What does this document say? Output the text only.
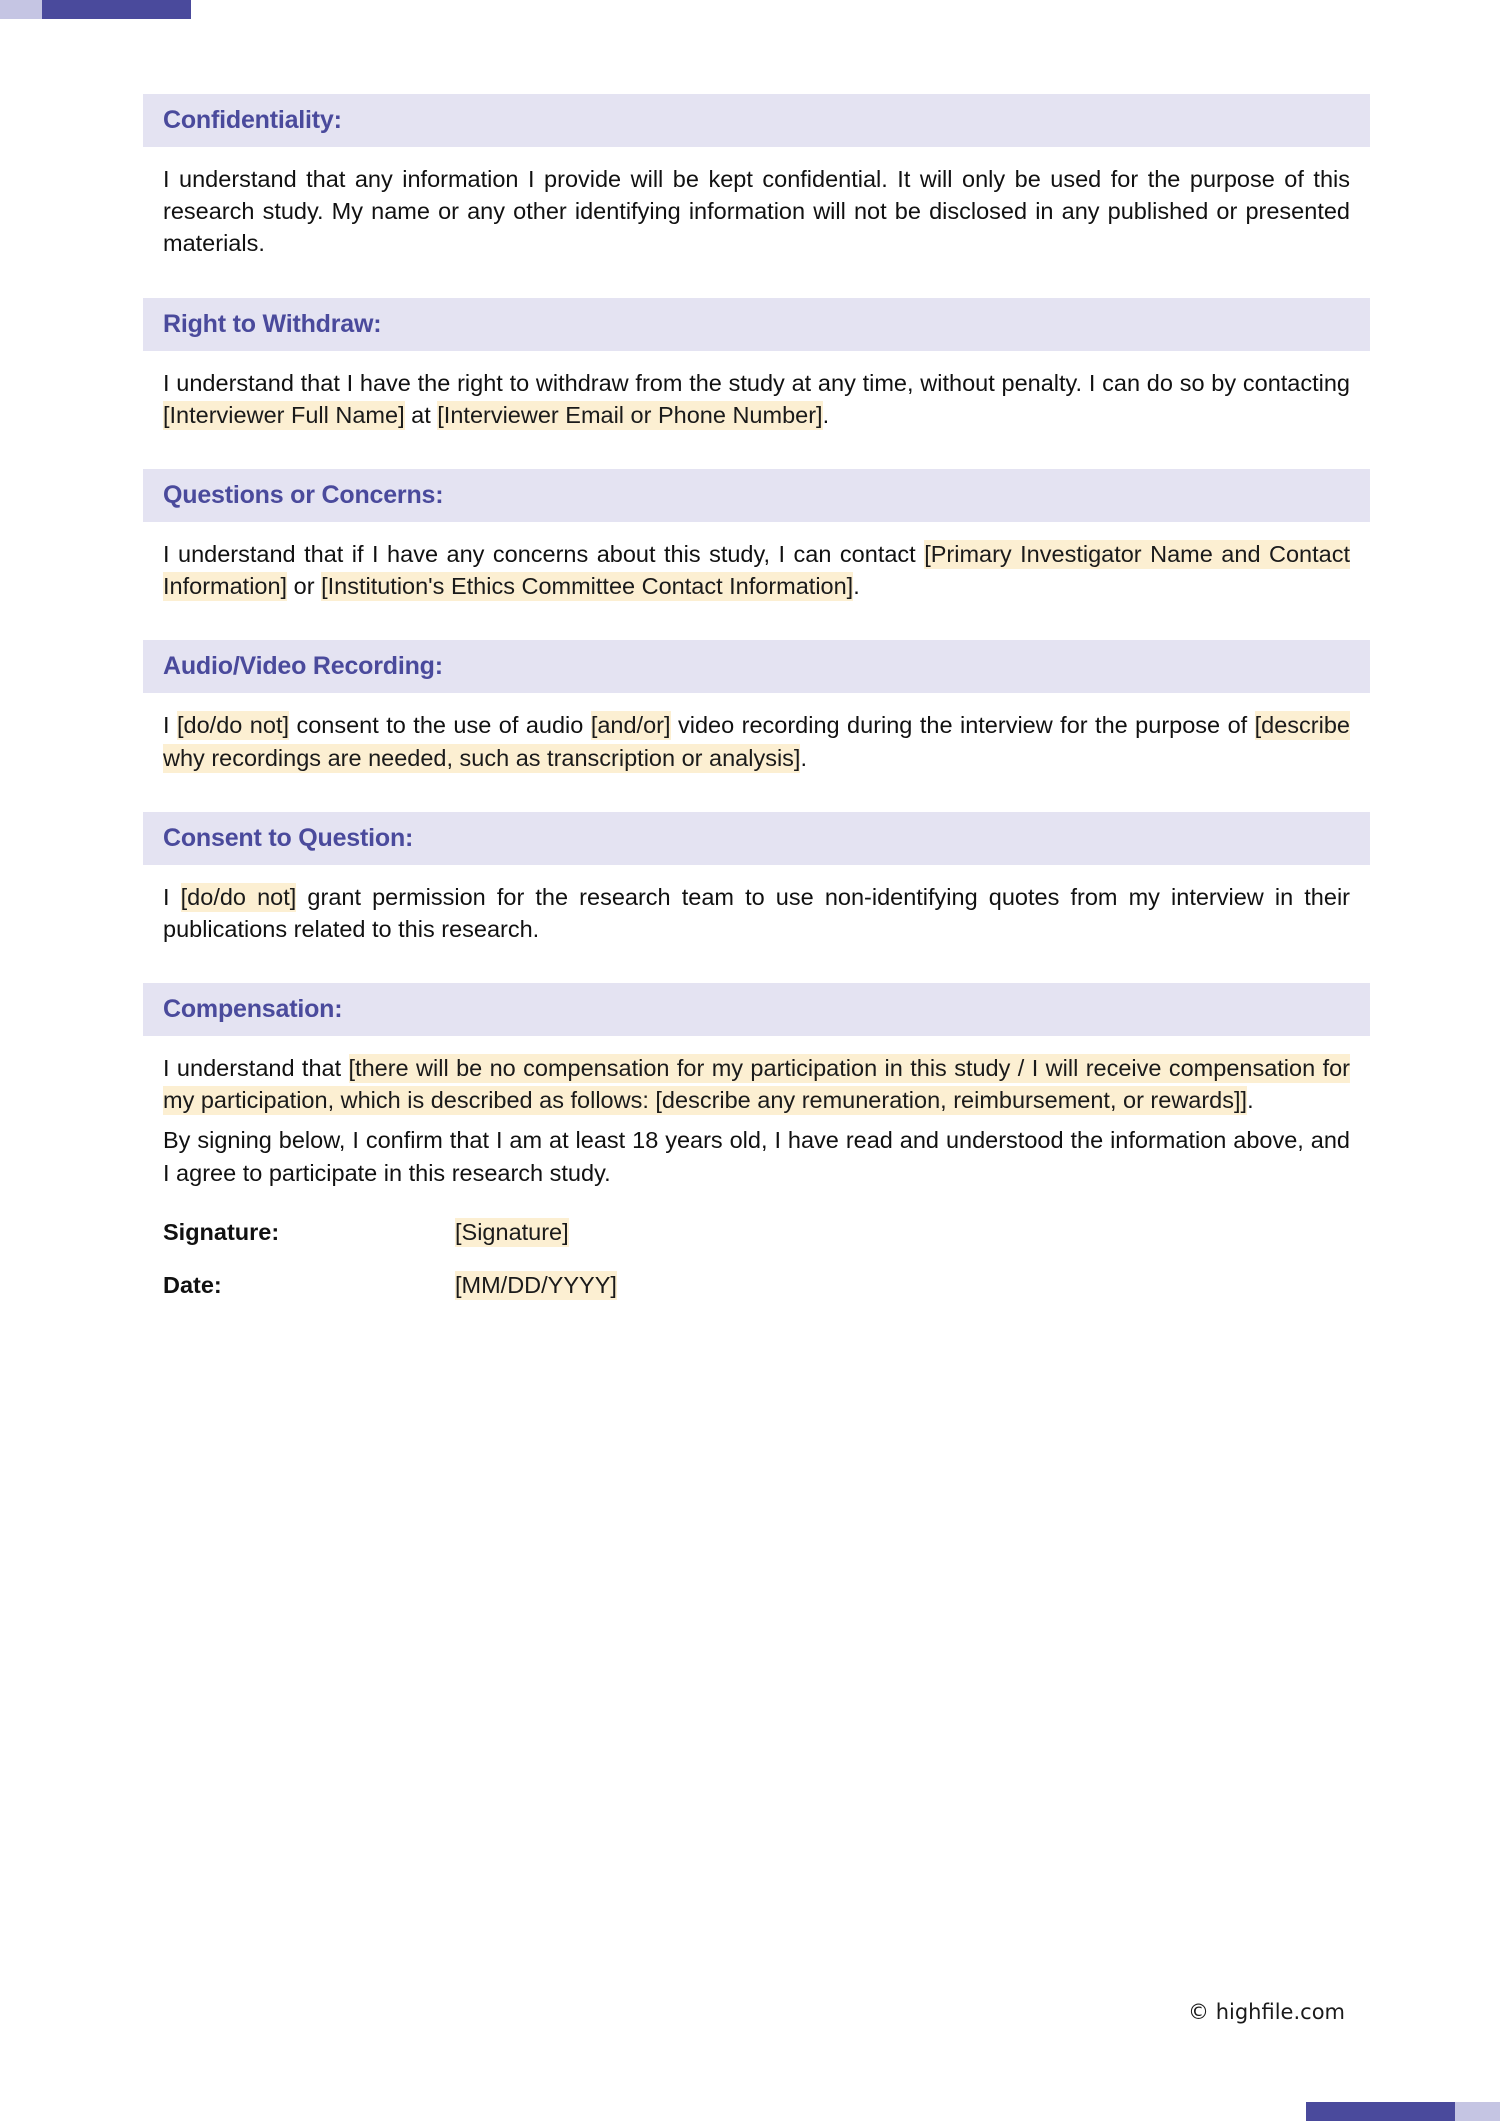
Confidentiality:

I understand that any information I provide will be kept confidential. It will only be used for the purpose of this research study. My name or any other identifying information will not be disclosed in any published or presented materials.

Right to Withdraw:

I understand that I have the right to withdraw from the study at any time, without penalty. I can do so by contacting [Interviewer Full Name] at [Interviewer Email or Phone Number].

Questions or Concerns:

I understand that if I have any concerns about this study, I can contact [Primary Investigator Name and Contact Information] or [Institution's Ethics Committee Contact Information].

Audio/Video Recording:

I [do/do not] consent to the use of audio [and/or] video recording during the interview for the purpose of [describe why recordings are needed, such as transcription or analysis].

Consent to Question:

I [do/do not] grant permission for the research team to use non-identifying quotes from my interview in their publications related to this research.

Compensation:

I understand that [there will be no compensation for my participation in this study / I will receive compensation for my participation, which is described as follows: [describe any remuneration, reimbursement, or rewards]].

By signing below, I confirm that I am at least 18 years old, I have read and understood the information above, and I agree to participate in this research study.

Signature:	[Signature]
Date:	[MM/DD/YYYY]
© highfile.com
